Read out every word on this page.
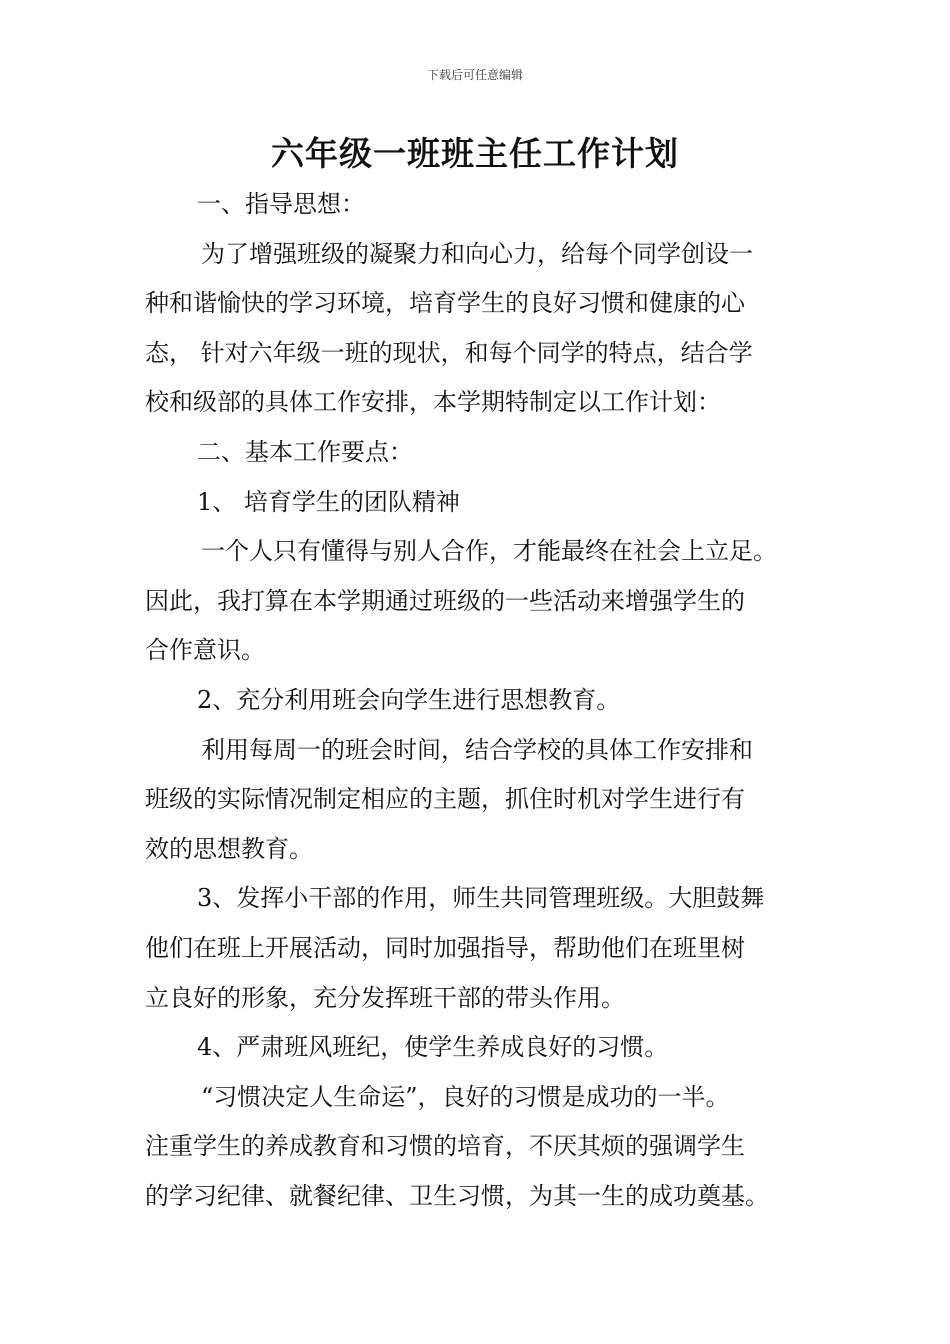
下载后可任意编辑
六年级一班班主任工作计划
一、指导思想：
为了增强班级的凝聚力和向心力，给每个同学创设一
种和谐愉快的学习环境，培育学生的良好习惯和健康的心
态， 针对六年级一班的现状，和每个同学的特点，结合学
校和级部的具体工作安排，本学期特制定以工作计划：
二、基本工作要点：
1、 培育学生的团队精神
一个人只有懂得与别人合作，才能最终在社会上立足。
因此，我打算在本学期通过班级的一些活动来增强学生的
合作意识。
2、充分利用班会向学生进行思想教育。
利用每周一的班会时间，结合学校的具体工作安排和
班级的实际情况制定相应的主题，抓住时机对学生进行有
效的思想教育。
3、发挥小干部的作用，师生共同管理班级。大胆鼓舞
他们在班上开展活动，同时加强指导，帮助他们在班里树
立良好的形象，充分发挥班干部的带头作用。
4、严肃班风班纪，使学生养成良好的习惯。
“习惯决定人生命运”，良好的习惯是成功的一半。
注重学生的养成教育和习惯的培育，不厌其烦的强调学生
的学习纪律、就餐纪律、卫生习惯，为其一生的成功奠基。
